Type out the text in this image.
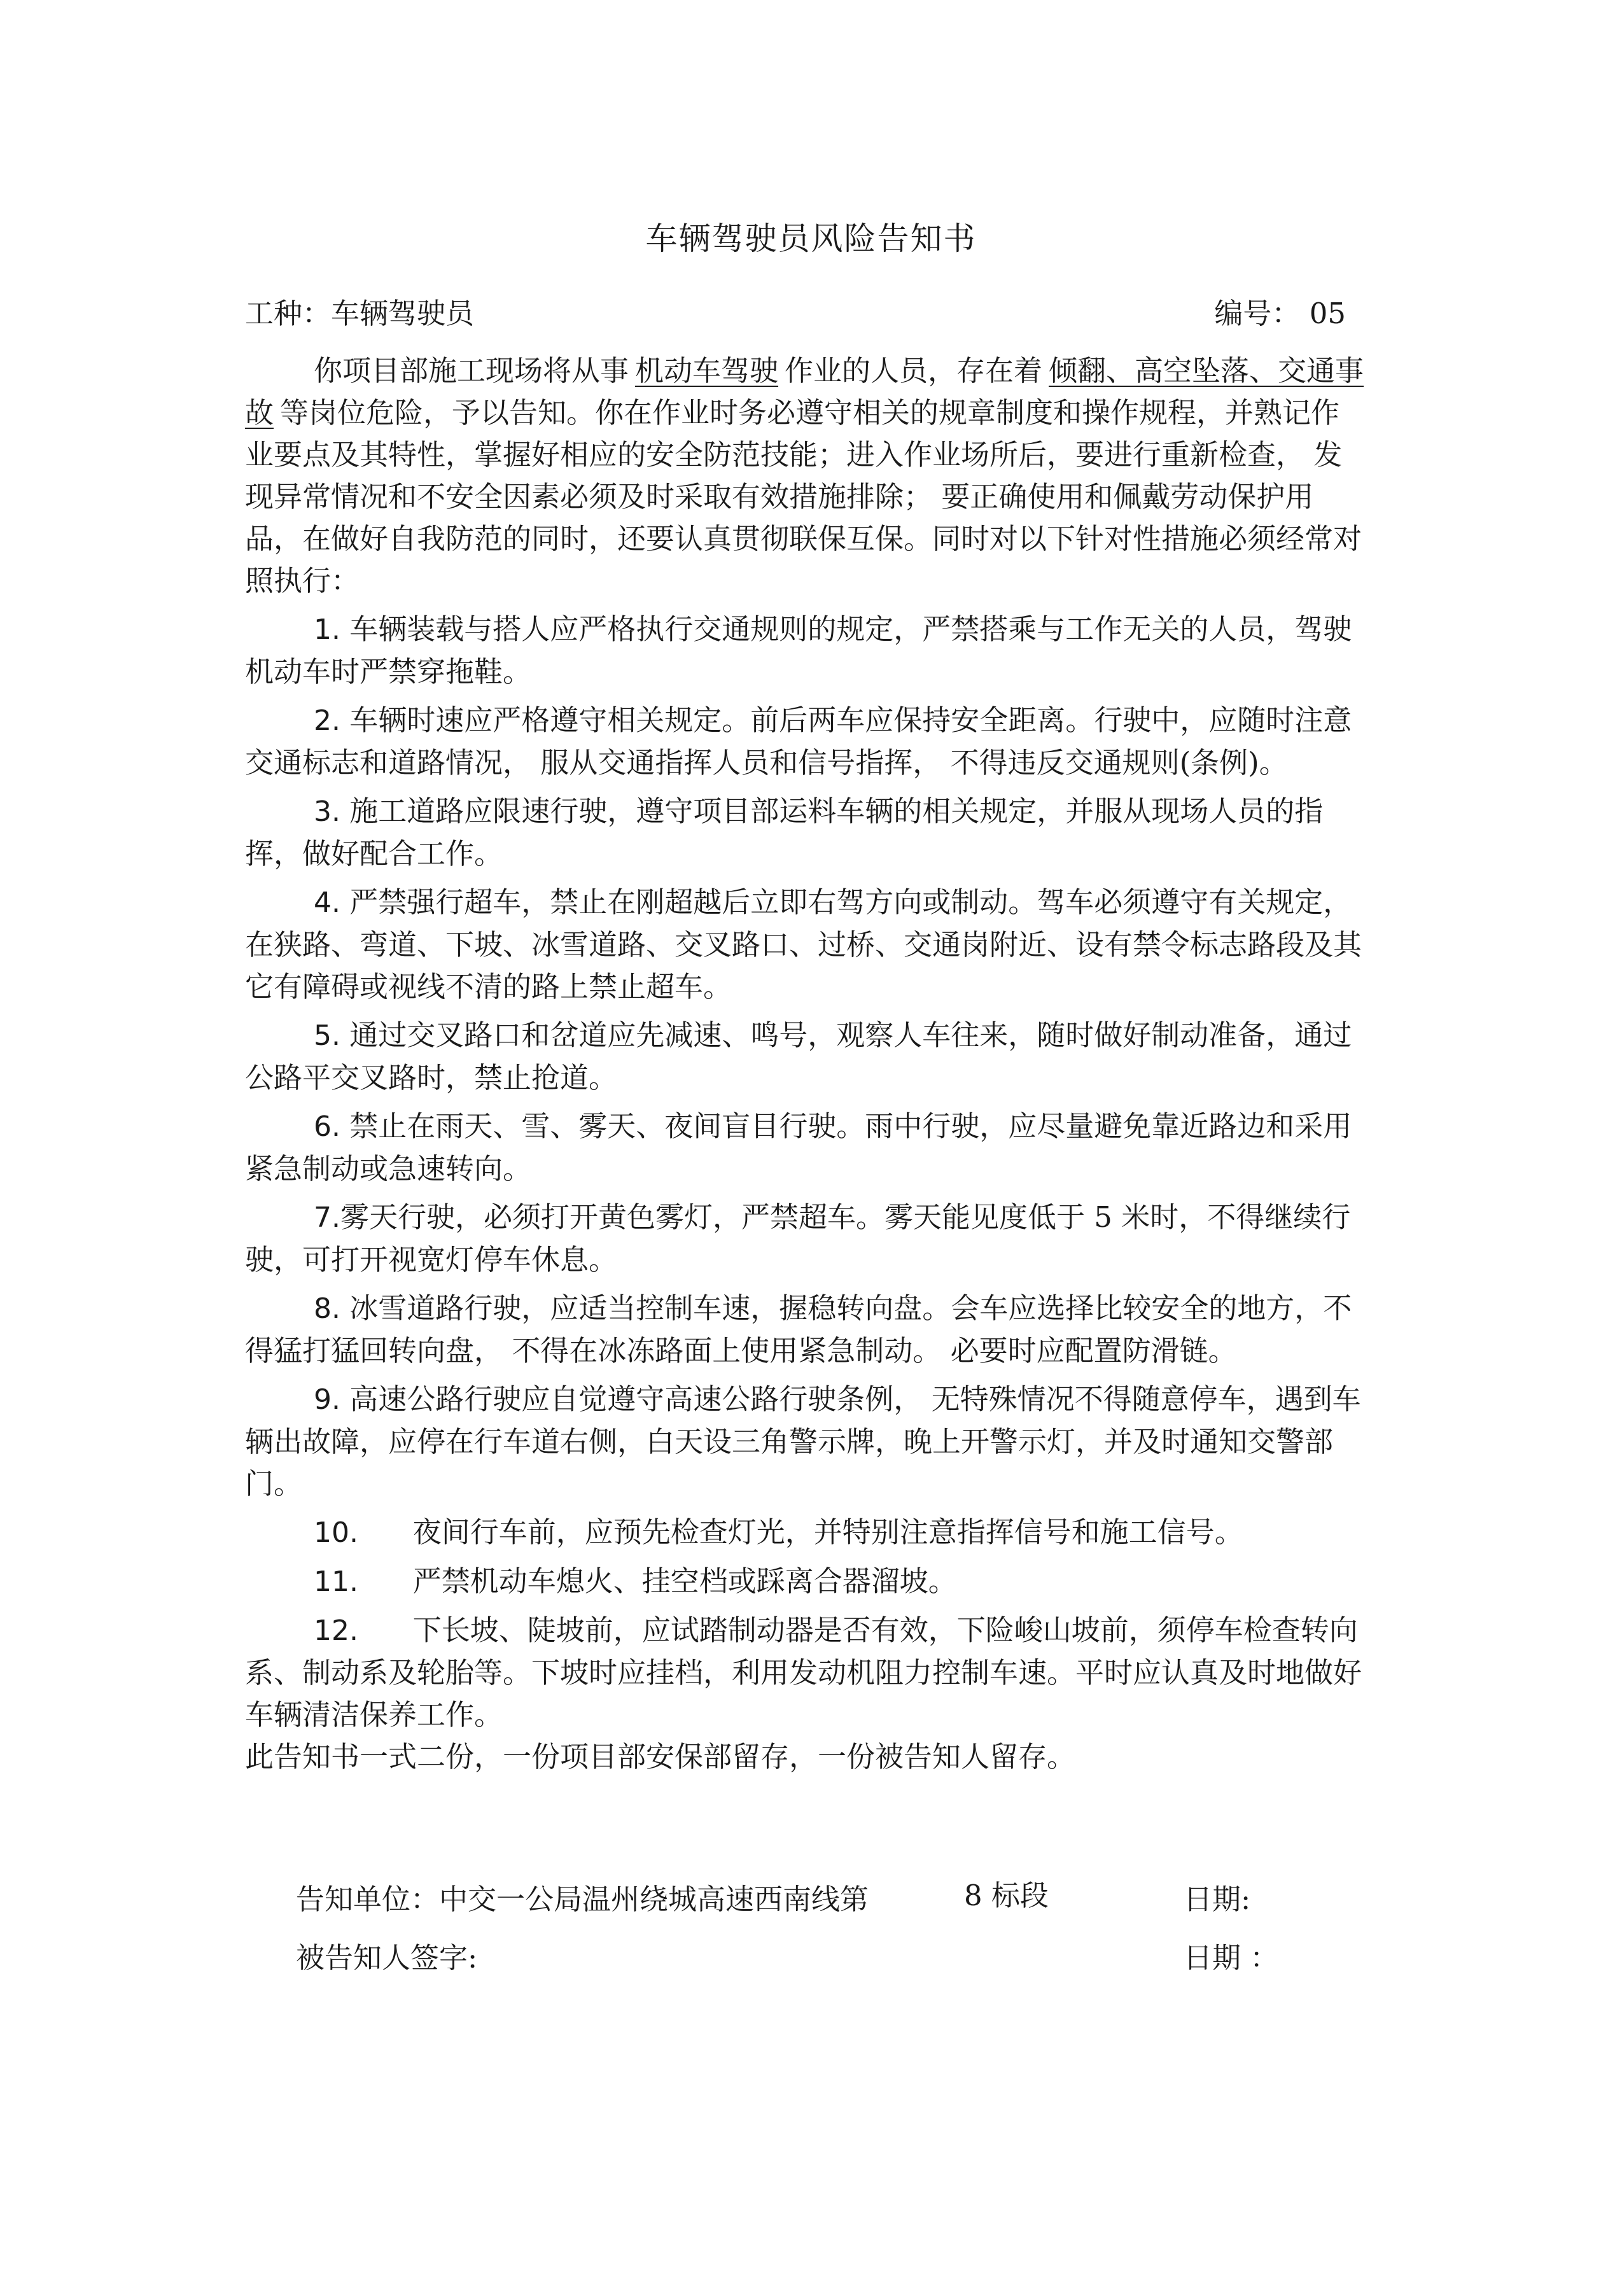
车辆驾驶员风险告知书
工种：车辆驾驶员	编号： 05

你项目部施工现场将从事 机动车驾驶 作业的人员，存在着 倾翻、高空坠落、交通事故 等岗位危险，予以告知。你在作业时务必遵守相关的规章制度和操作规程，并熟记作业要点及其特性，掌握好相应的安全防范技能；进入作业场所后，要进行重新检查， 发现异常情况和不安全因素必须及时采取有效措施排除； 要正确使用和佩戴劳动保护用品，在做好自我防范的同时，还要认真贯彻联保互保。同时对以下针对性措施必须经常对照执行：

1. 车辆装载与搭人应严格执行交通规则的规定，严禁搭乘与工作无关的人员，驾驶机动车时严禁穿拖鞋。

2. 车辆时速应严格遵守相关规定。前后两车应保持安全距离。行驶中，应随时注意交通标志和道路情况， 服从交通指挥人员和信号指挥， 不得违反交通规则(条例)。

3. 施工道路应限速行驶，遵守项目部运料车辆的相关规定，并服从现场人员的指挥，做好配合工作。

4. 严禁强行超车，禁止在刚超越后立即右驾方向或制动。驾车必须遵守有关规定，在狭路、弯道、下坡、冰雪道路、交叉路口、过桥、交通岗附近、设有禁令标志路段及其它有障碍或视线不清的路上禁止超车。

5. 通过交叉路口和岔道应先减速、鸣号，观察人车往来，随时做好制动准备，通过公路平交叉路时，禁止抢道。

6. 禁止在雨天、雪、雾天、夜间盲目行驶。雨中行驶，应尽量避免靠近路边和采用紧急制动或急速转向。

7.雾天行驶，必须打开黄色雾灯，严禁超车。雾天能见度低于 5 米时，不得继续行驶，可打开视宽灯停车休息。

8. 冰雪道路行驶，应适当控制车速，握稳转向盘。会车应选择比较安全的地方，不得猛打猛回转向盘， 不得在冰冻路面上使用紧急制动。 必要时应配置防滑链。

9. 高速公路行驶应自觉遵守高速公路行驶条例， 无特殊情况不得随意停车，遇到车辆出故障，应停在行车道右侧，白天设三角警示牌，晚上开警示灯，并及时通知交警部门。

10.      夜间行车前，应预先检查灯光，并特别注意指挥信号和施工信号。

11.      严禁机动车熄火、挂空档或踩离合器溜坡。

12.      下长坡、陡坡前，应试踏制动器是否有效，下险峻山坡前，须停车检查转向系、制动系及轮胎等。下坡时应挂档，利用发动机阻力控制车速。平时应认真及时地做好车辆清洁保养工作。

此告知书一式二份，一份项目部安保部留存，一份被告知人留存。

告知单位：中交一公局温州绕城高速西南线第	8 标段	日期:
被告知人签字:	日期 ：
